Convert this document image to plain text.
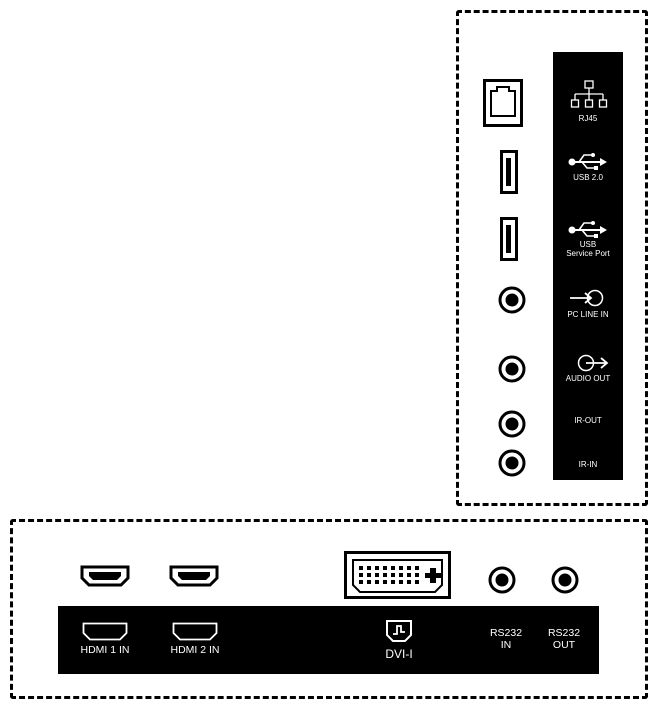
RJ45
USB 2.0
USB
Service Port
PC LINE IN
AUDIO OUT
IR-OUT
IR-IN
HDMI 1 IN	HDMI 2 IN	DVI-I
RS232
IN
RS232
OUT
